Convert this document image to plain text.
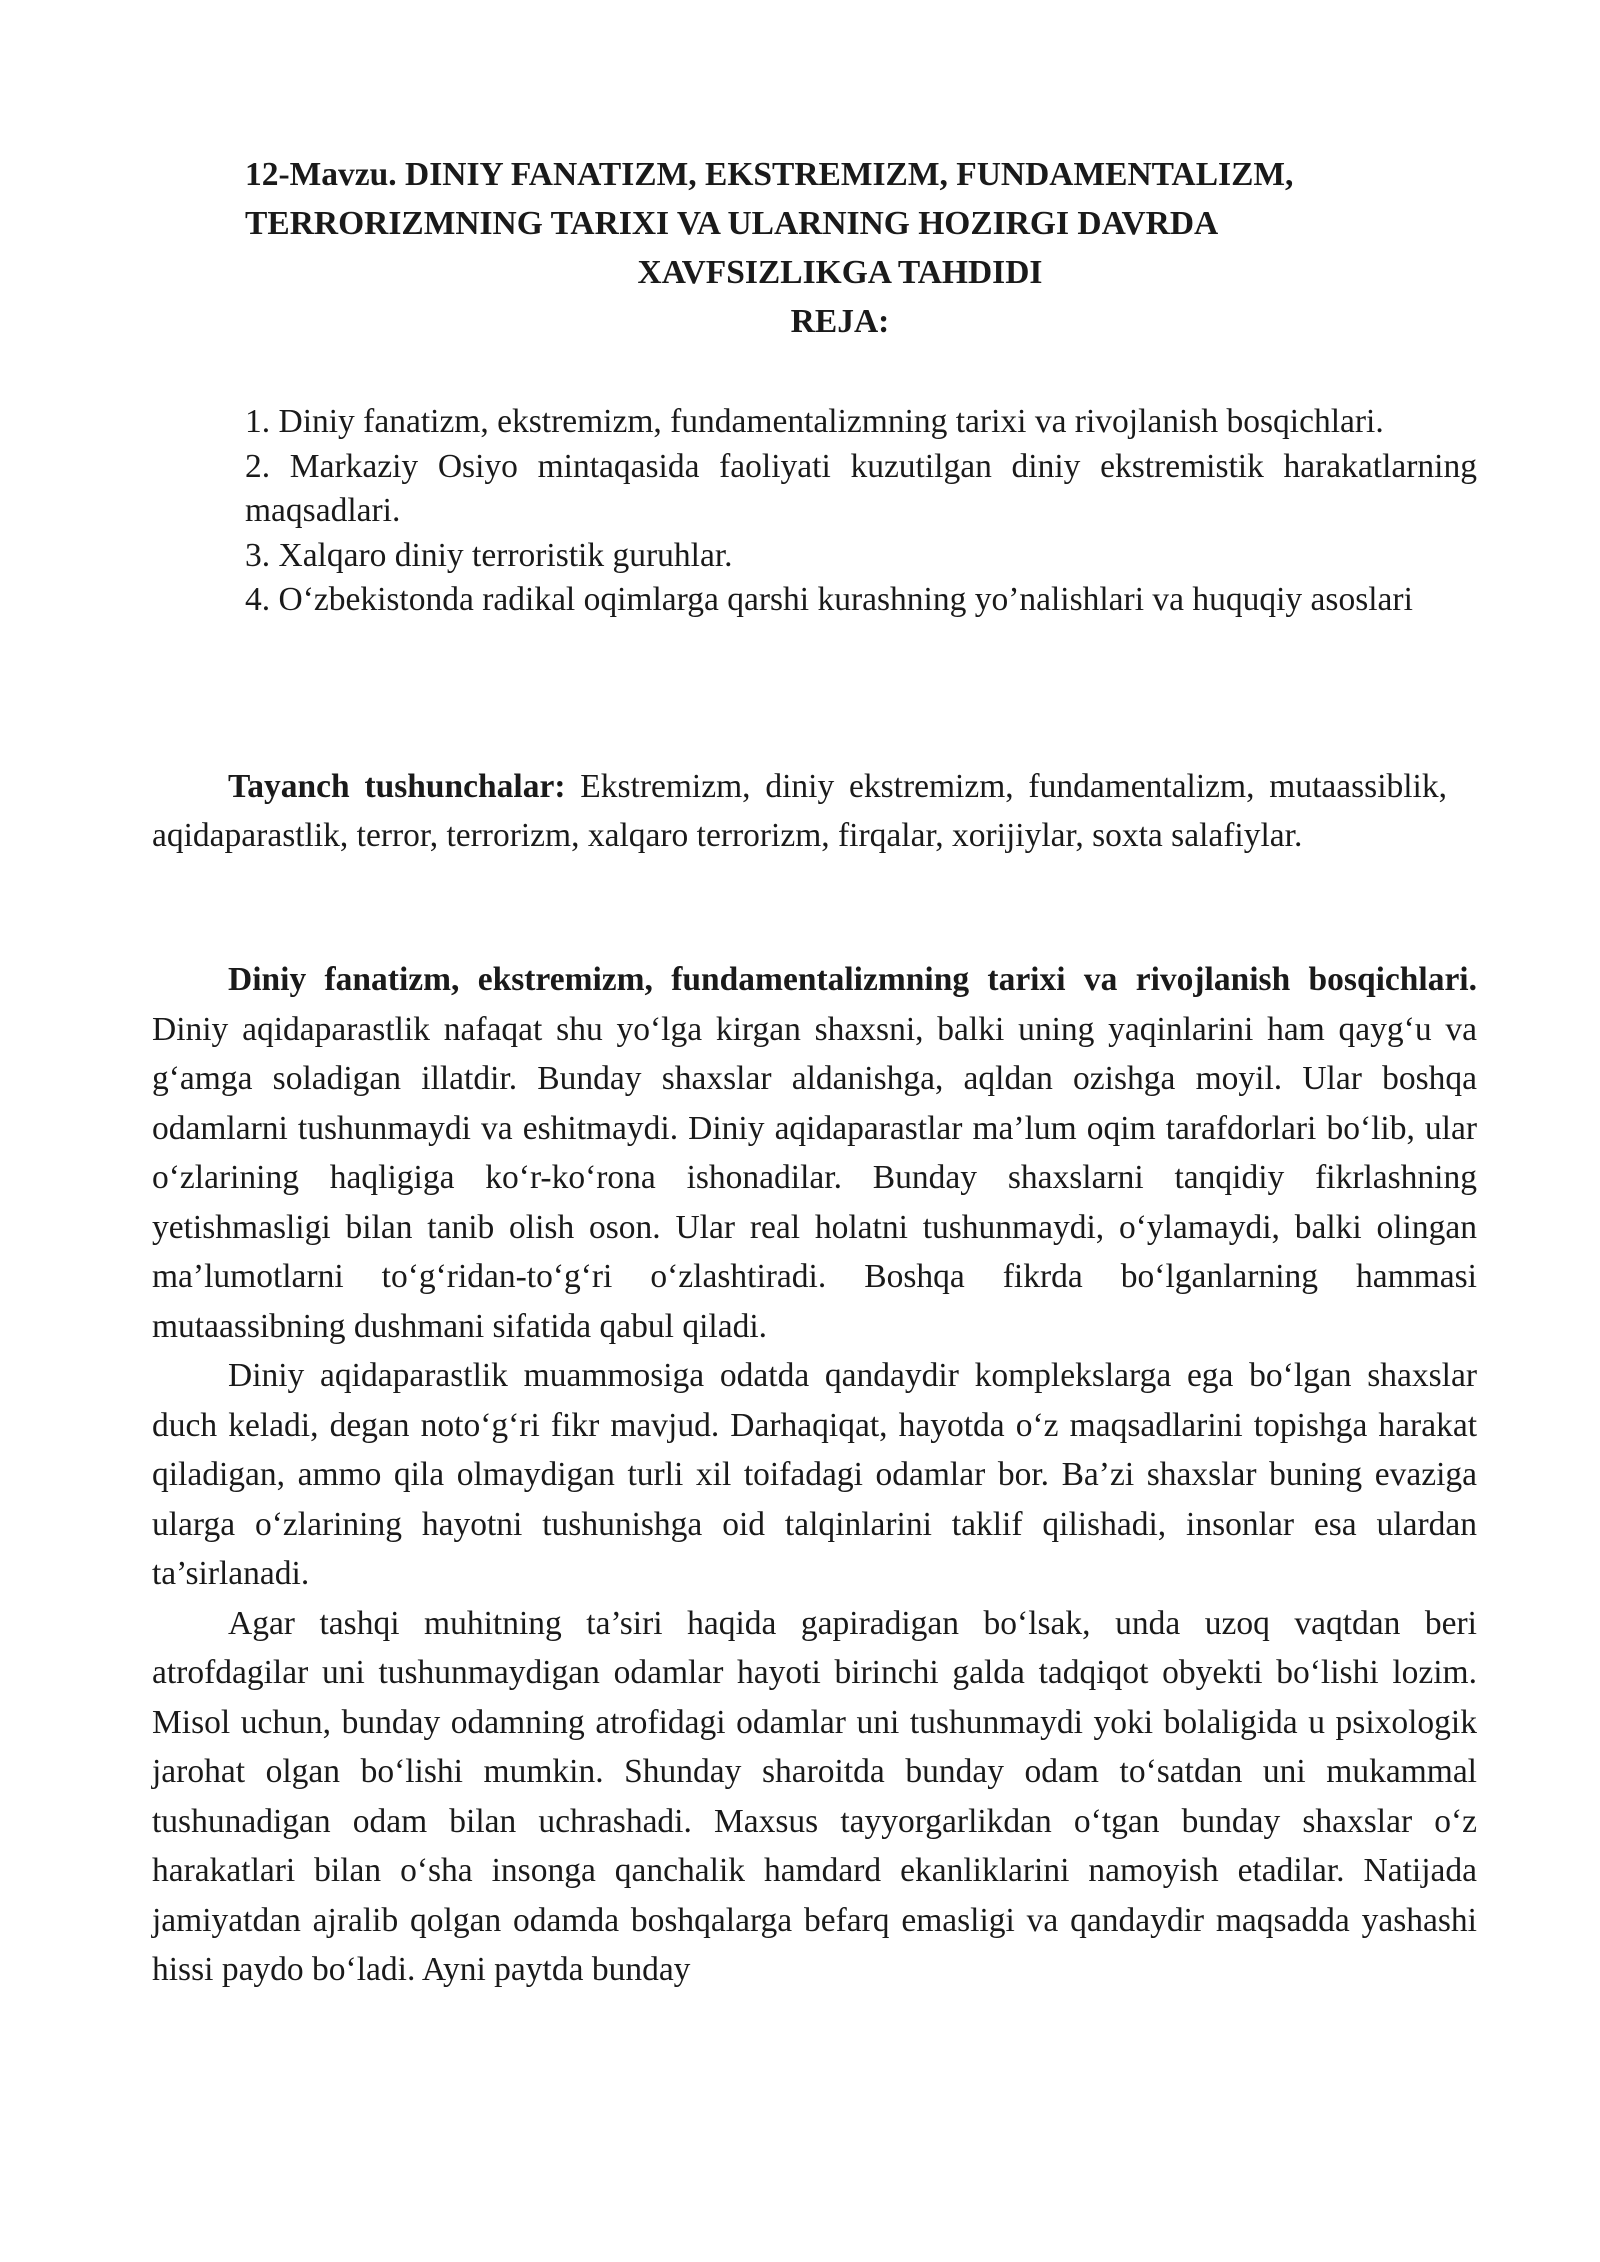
12-Mavzu. DINIY FANATIZM, EKSTREMIZM, FUNDAMENTALIZM,
TERRORIZMNING TARIXI VA ULARNING HOZIRGI DAVRDA
XAVFSIZLIKGA TAHDIDI
REJA:
1. Diniy fanatizm, ekstremizm, fundamentalizmning tarixi va rivojlanish bosqichlari.
2. Markaziy Osiyo mintaqasida faoliyati kuzutilgan diniy ekstremistik harakatlarning maqsadlari.
3. Xalqaro diniy terroristik guruhlar.
4. O‘zbekistonda radikal oqimlarga qarshi kurashning yo’nalishlari va huquqiy asoslari

Tayanch tushunchalar: Ekstremizm, diniy ekstremizm, fundamentalizm, mutaassiblik, aqidaparastlik, terror, terrorizm, xalqaro terrorizm, firqalar, xorijiylar, soxta salafiylar.

Diniy fanatizm, ekstremizm, fundamentalizmning tarixi va rivojlanish bosqichlari. Diniy aqidaparastlik nafaqat shu yo‘lga kirgan shaxsni, balki uning yaqinlarini ham qayg‘u va g‘amga soladigan illatdir. Bunday shaxslar aldanishga, aqldan ozishga moyil. Ular boshqa odamlarni tushunmaydi va eshitmaydi. Diniy aqidaparastlar ma’lum oqim tarafdorlari bo‘lib, ular o‘zlarining haqligiga ko‘r-ko‘rona ishonadilar. Bunday shaxslarni tanqidiy fikrlashning yetishmasligi bilan tanib olish oson. Ular real holatni tushunmaydi, o‘ylamaydi, balki olingan ma’lumotlarni to‘g‘ridan-to‘g‘ri o‘zlashtiradi. Boshqa fikrda bo‘lganlarning hammasi mutaassibning dushmani sifatida qabul qiladi.

Diniy aqidaparastlik muammosiga odatda qandaydir komplekslarga ega bo‘lgan shaxslar duch keladi, degan noto‘g‘ri fikr mavjud. Darhaqiqat, hayotda o‘z maqsadlarini topishga harakat qiladigan, ammo qila olmaydigan turli xil toifadagi odamlar bor. Ba’zi shaxslar buning evaziga ularga o‘zlarining hayotni tushunishga oid talqinlarini taklif qilishadi, insonlar esa ulardan ta’sirlanadi.

Agar tashqi muhitning ta’siri haqida gapiradigan bo‘lsak, unda uzoq vaqtdan beri atrofdagilar uni tushunmaydigan odamlar hayoti birinchi galda tadqiqot obyekti bo‘lishi lozim. Misol uchun, bunday odamning atrofidagi odamlar uni tushunmaydi yoki bolaligida u psixologik jarohat olgan bo‘lishi mumkin. Shunday sharoitda bunday odam to‘satdan uni mukammal tushunadigan odam bilan uchrashadi. Maxsus tayyorgarlikdan o‘tgan bunday shaxslar o‘z harakatlari bilan o‘sha insonga qanchalik hamdard ekanliklarini namoyish etadilar. Natijada jamiyatdan ajralib qolgan odamda boshqalarga befarq emasligi va qandaydir maqsadda yashashi hissi paydo bo‘ladi. Ayni paytda bunday
